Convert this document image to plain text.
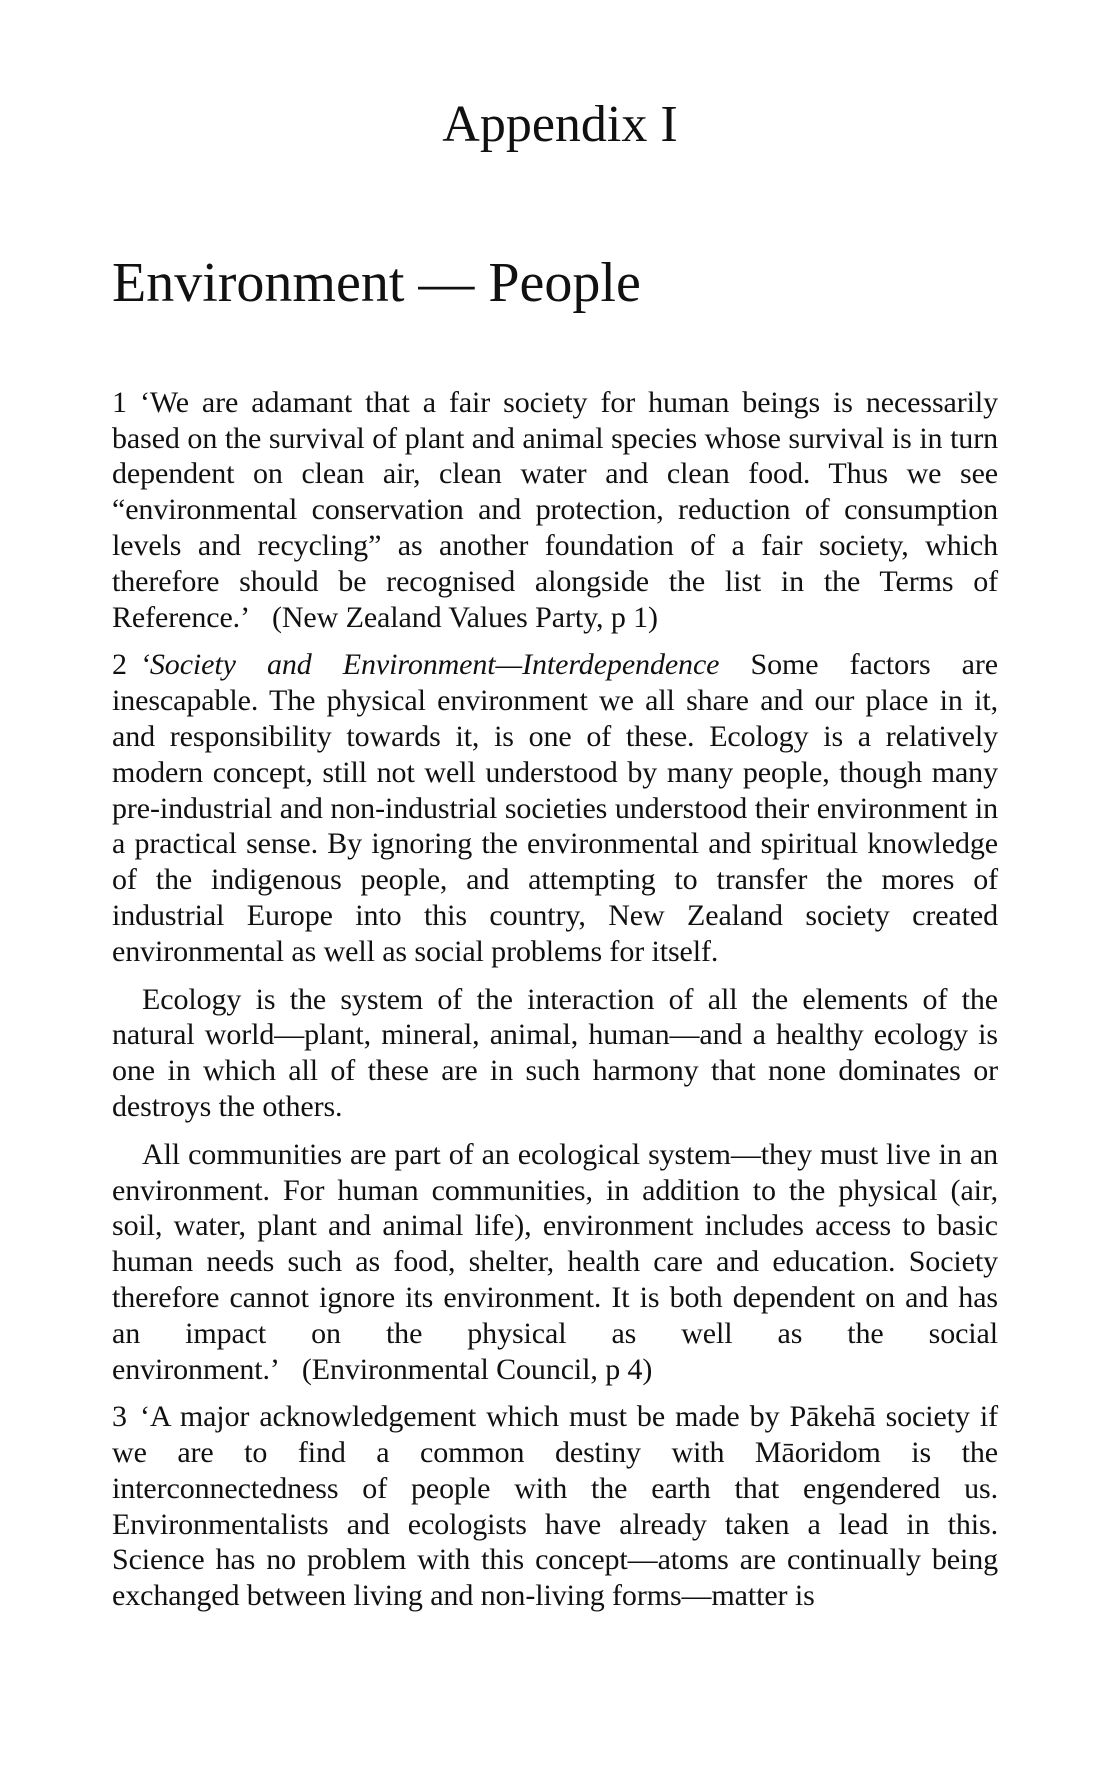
Appendix I
Environment — People

1 ‘We are adamant that a fair society for human beings is necessarily based on the survival of plant and animal species whose survival is in turn dependent on clean air, clean water and clean food. Thus we see “environmental conservation and protection, reduction of consumption levels and recycling” as another foundation of a fair society, which therefore should be recognised alongside the list in the Terms of Reference.’ (New Zealand Values Party, p 1)

2 ‘Society and Environment—Interdependence Some factors are inescapable. The physical environment we all share and our place in it, and responsibility towards it, is one of these. Ecology is a relatively modern concept, still not well understood by many people, though many pre-industrial and non-industrial societies understood their environment in a practical sense. By ignoring the environmental and spiritual knowledge of the indigenous people, and attempting to transfer the mores of industrial Europe into this country, New Zealand society created environmental as well as social problems for itself.

Ecology is the system of the interaction of all the elements of the natural world—plant, mineral, animal, human—and a healthy ecology is one in which all of these are in such harmony that none dominates or destroys the others.

All communities are part of an ecological system—they must live in an environment. For human communities, in addition to the physical (air, soil, water, plant and animal life), environment includes access to basic human needs such as food, shelter, health care and education. Society therefore cannot ignore its environment. It is both dependent on and has an impact on the physical as well as the social environment.’ (Environmental Council, p 4)

3 ‘A major acknowledgement which must be made by Pākehā society if we are to find a common destiny with Māoridom is the interconnectedness of people with the earth that engendered us. Environmentalists and ecologists have already taken a lead in this. Science has no problem with this concept—atoms are continually being exchanged between living and non-living forms—matter is
